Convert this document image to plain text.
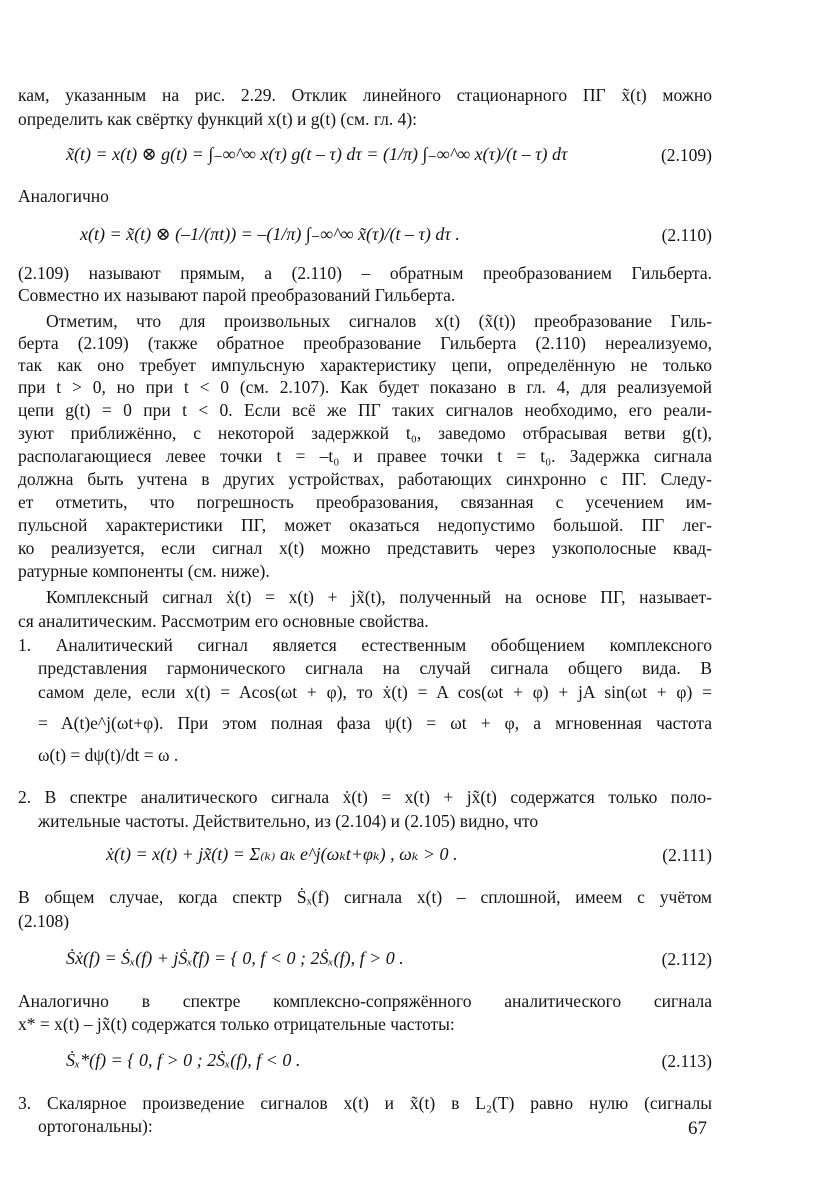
кам, указанным на рис. 2.29. Отклик линейного стационарного ПГ x̃(t) можно
определить как свёртку функций x(t) и g(t) (см. гл. 4):
x̃(t) = x(t) ⊗ g(t) = ∫₋∞^∞ x(τ) g(t – τ) dτ = (1/π) ∫₋∞^∞ x(τ)/(t – τ) dτ	(2.109)
Аналогично
x(t) = x̃(t) ⊗ (–1/(πt)) = –(1/π) ∫₋∞^∞ x̃(τ)/(t – τ) dτ .	(2.110)
(2.109) называют прямым, а (2.110) – обратным преобразованием Гильберта.
Совместно их называют парой преобразований Гильберта.
Отметим, что для произвольных сигналов x(t) (x̃(t)) преобразование Гиль-
берта (2.109) (также обратное преобразование Гильберта (2.110) нереализуемо,
так как оно требует импульсную характеристику цепи, определённую не только
при t > 0, но при t < 0 (см. 2.107). Как будет показано в гл. 4, для реализуемой
цепи g(t) = 0 при t < 0. Если всё же ПГ таких сигналов необходимо, его реали-
зуют приближённо, с некоторой задержкой t₀, заведомо отбрасывая ветви g(t),
располагающиеся левее точки t = –t₀ и правее точки t = t₀. Задержка сигнала
должна быть учтена в других устройствах, работающих синхронно с ПГ. Следу-
ет отметить, что погрешность преобразования, связанная с усечением им-
пульсной характеристики ПГ, может оказаться недопустимо большой. ПГ лег-
ко реализуется, если сигнал x(t) можно представить через узкополосные квад-
ратурные компоненты (см. ниже).
Комплексный сигнал ẋ(t) = x(t) + jx̃(t), полученный на основе ПГ, называет-
ся аналитическим. Рассмотрим его основные свойства.
1. Аналитический сигнал является естественным обобщением комплексного
представления гармонического сигнала на случай сигнала общего вида. В
самом деле, если x(t) = Acos(ωt + φ), то ẋ(t) = A cos(ωt + φ) + jA sin(ωt + φ) =
= A(t)e^j(ωt+φ). При этом полная фаза ψ(t) = ωt + φ, а мгновенная частота
ω(t) = dψ(t)/dt = ω .
2. В спектре аналитического сигнала ẋ(t) = x(t) + jx̃(t) содержатся только поло-
жительные частоты. Действительно, из (2.104) и (2.105) видно, что
ẋ(t) = x(t) + jx̃(t) = Σ₍ₖ₎ aₖ e^j(ωₖt+φₖ) , ωₖ > 0 .	(2.111)
В общем случае, когда спектр Ṡₓ(f) сигнала x(t) – сплошной, имеем с учётом
(2.108)
Ṡẋ(f) = Ṡₓ(f) + jṠₓ̃(f) = { 0, f < 0 ; 2Ṡₓ(f), f > 0 .	(2.112)
Аналогично в спектре комплексно-сопряжённого аналитического сигнала
x* = x(t) – jx̃(t) содержатся только отрицательные частоты:
Ṡₓ*(f) = { 0, f > 0 ; 2Ṡₓ(f), f < 0 .	(2.113)
3. Скалярное произведение сигналов x(t) и x̃(t) в L₂(T) равно нулю (сигналы
ортогональны):	67
